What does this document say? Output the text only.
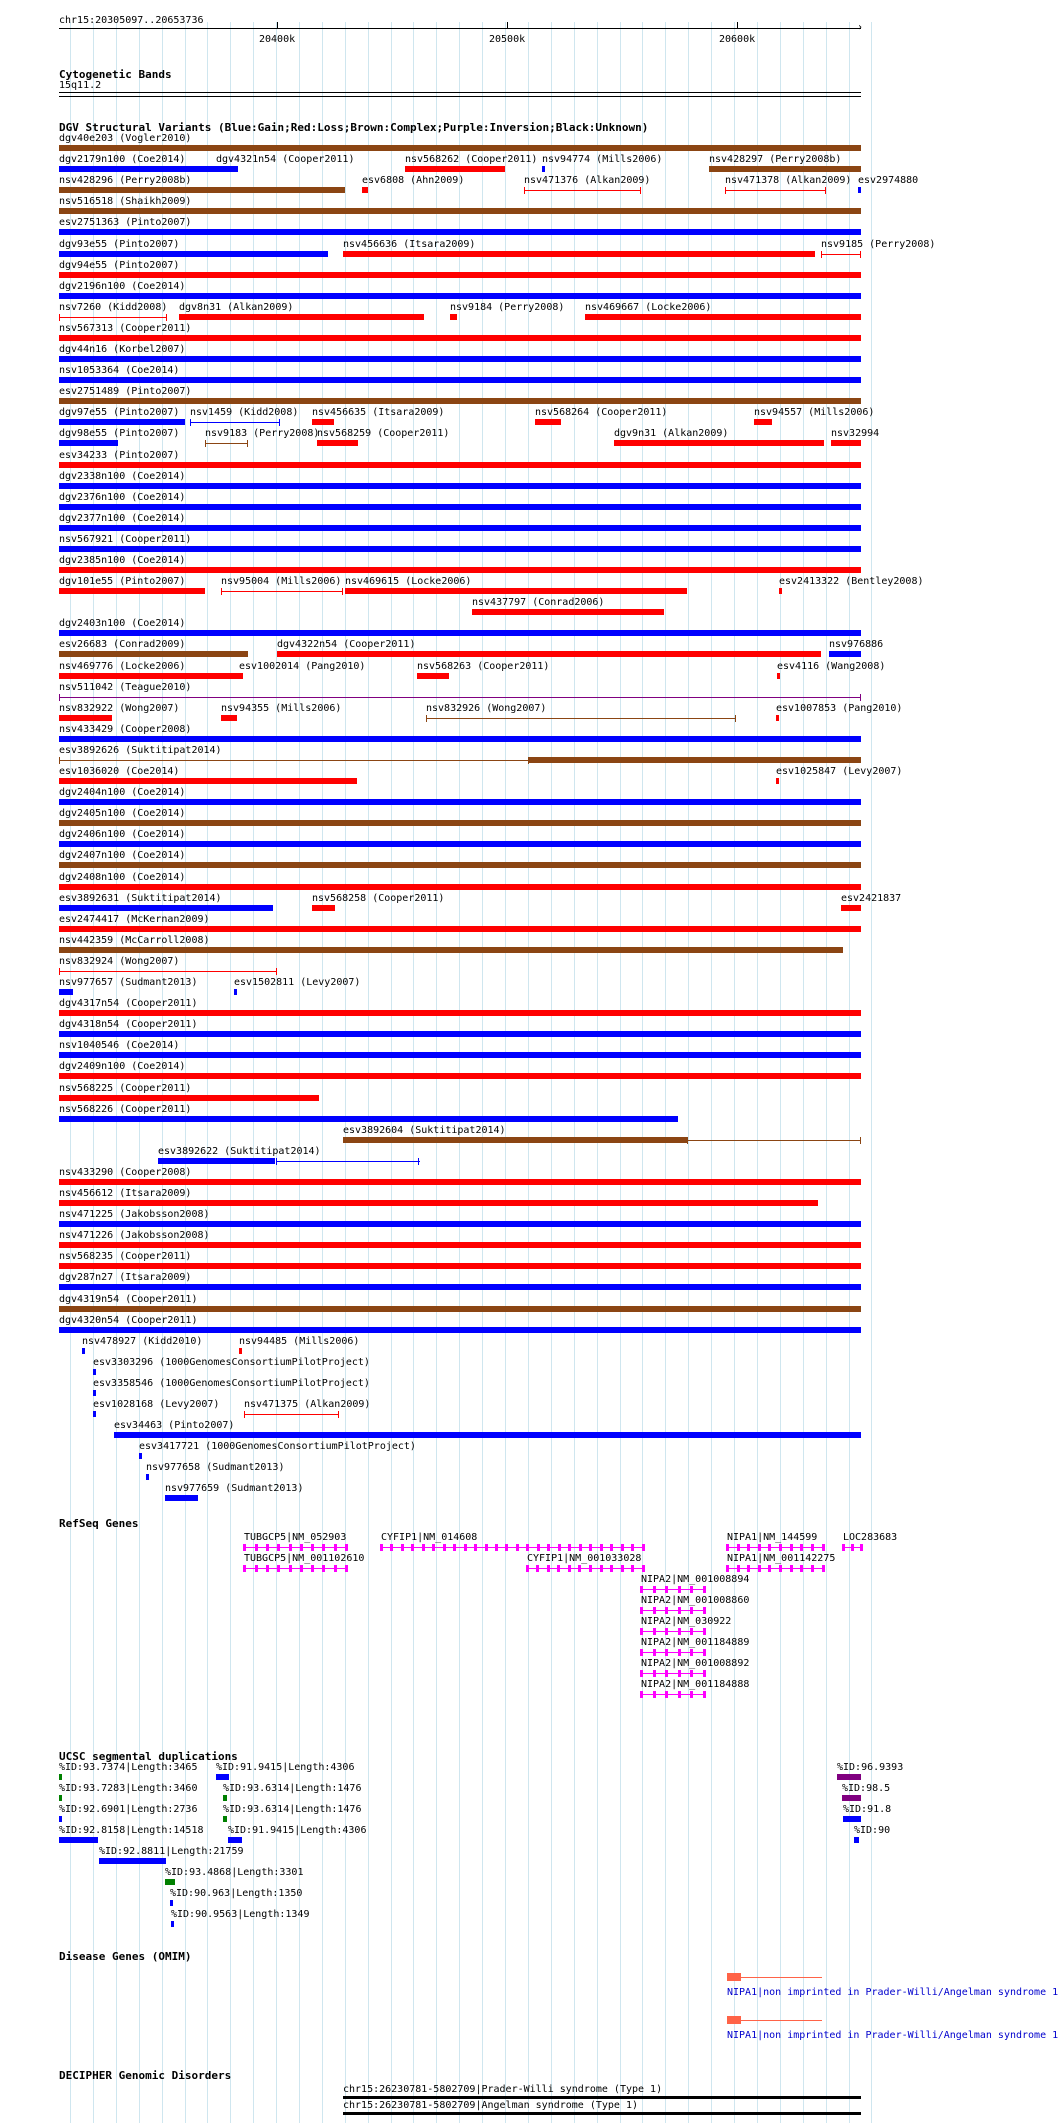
chr15:20305097..20653736
›
20400k	20500k	20600k
Cytogenetic Bands
15q11.2
DGV Structural Variants (Blue:Gain;Red:Loss;Brown:Complex;Purple:Inversion;Black:Unknown)
dgv40e203 (Vogler2010)
dgv2179n100 (Coe2014)	dgv4321n54 (Cooper2011)	nsv568262 (Cooper2011) nsv94774 (Mills2006)	nsv428297 (Perry2008b)
nsv428296 (Perry2008b)	esv6808 (Ahn2009)	nsv471376 (Alkan2009)	nsv471378 (Alkan2009) esv2974880
nsv516518 (Shaikh2009)
esv2751363 (Pinto2007)
dgv93e55 (Pinto2007)	nsv456636 (Itsara2009)	nsv9185 (Perry2008)
dgv94e55 (Pinto2007)
dgv2196n100 (Coe2014)
nsv7260 (Kidd2008) dgv8n31 (Alkan2009)	nsv9184 (Perry2008) nsv469667 (Locke2006)
nsv567313 (Cooper2011)
dgv44n16 (Korbel2007)
nsv1053364 (Coe2014)
esv2751489 (Pinto2007)
dgv97e55 (Pinto2007) nsv1459 (Kidd2008) nsv456635 (Itsara2009)	nsv568264 (Cooper2011)	nsv94557 (Mills2006)
dgv98e55 (Pinto2007)	nsv9183 (Perry2008)
nsv568259 (Cooper2011)	dgv9n31 (Alkan2009)	nsv32994
esv34233 (Pinto2007)
dgv2338n100 (Coe2014)
dgv2376n100 (Coe2014)
dgv2377n100 (Coe2014)
nsv567921 (Cooper2011)
dgv2385n100 (Coe2014)
dgv101e55 (Pinto2007)	nsv95004 (Mills2006) nsv469615 (Locke2006)	esv2413322 (Bentley2008)
nsv437797 (Conrad2006)
dgv2403n100 (Coe2014)
esv26683 (Conrad2009)	dgv4322n54 (Cooper2011)	nsv976886
nsv469776 (Locke2006)	esv1002014 (Pang2010)	nsv568263 (Cooper2011)	esv4116 (Wang2008)
nsv511042 (Teague2010)
nsv832922 (Wong2007)	nsv94355 (Mills2006)	nsv832926 (Wong2007)	esv1007853 (Pang2010)
nsv433429 (Cooper2008)
esv3892626 (Suktitipat2014)
esv1036020 (Coe2014)	esv1025847 (Levy2007)
dgv2404n100 (Coe2014)
dgv2405n100 (Coe2014)
dgv2406n100 (Coe2014)
dgv2407n100 (Coe2014)
dgv2408n100 (Coe2014)
esv3892631 (Suktitipat2014)	nsv568258 (Cooper2011)	esv2421837
esv2474417 (McKernan2009)
nsv442359 (McCarroll2008)
nsv832924 (Wong2007)
nsv977657 (Sudmant2013)	esv1502811 (Levy2007)
dgv4317n54 (Cooper2011)
dgv4318n54 (Cooper2011)
nsv1040546 (Coe2014)
dgv2409n100 (Coe2014)
nsv568225 (Cooper2011)
nsv568226 (Cooper2011)
esv3892604 (Suktitipat2014)
esv3892622 (Suktitipat2014)
nsv433290 (Cooper2008)
nsv456612 (Itsara2009)
nsv471225 (Jakobsson2008)
nsv471226 (Jakobsson2008)
nsv568235 (Cooper2011)
dgv287n27 (Itsara2009)
dgv4319n54 (Cooper2011)
dgv4320n54 (Cooper2011)
nsv478927 (Kidd2010)	nsv94485 (Mills2006)
esv3303296 (1000GenomesConsortiumPilotProject)
esv3358546 (1000GenomesConsortiumPilotProject)
esv1028168 (Levy2007) nsv471375 (Alkan2009)
esv34463 (Pinto2007)
esv3417721 (1000GenomesConsortiumPilotProject)
nsv977658 (Sudmant2013)
nsv977659 (Sudmant2013)
RefSeq Genes
TUBGCP5|NM_052903	CYFIP1|NM_014608	NIPA1|NM_144599	LOC283683
TUBGCP5|NM_001102610	CYFIP1|NM_001033028	NIPA1|NM_001142275
NIPA2|NM_001008894
NIPA2|NM_001008860
NIPA2|NM_030922
NIPA2|NM_001184889
NIPA2|NM_001008892
NIPA2|NM_001184888
UCSC segmental duplications
%ID:93.7374|Length:3465 %ID:91.9415|Length:4306	%ID:96.9393
%ID:93.7283|Length:3460	%ID:93.6314|Length:1476	%ID:98.5
%ID:92.6901|Length:2736	%ID:93.6314|Length:1476	%ID:91.8
%ID:92.8158|Length:14518 %ID:91.9415|Length:4306	%ID:90
%ID:92.8811|Length:21759
%ID:93.4868|Length:3301
%ID:90.963|Length:1350
%ID:90.9563|Length:1349
Disease Genes (OMIM)
NIPA1|non imprinted in Prader-Willi/Angelman syndrome 1
NIPA1|non imprinted in Prader-Willi/Angelman syndrome 1
DECIPHER Genomic Disorders
chr15:26230781-5802709|Prader-Willi syndrome (Type 1)
chr15:26230781-5802709|Angelman syndrome (Type 1)
